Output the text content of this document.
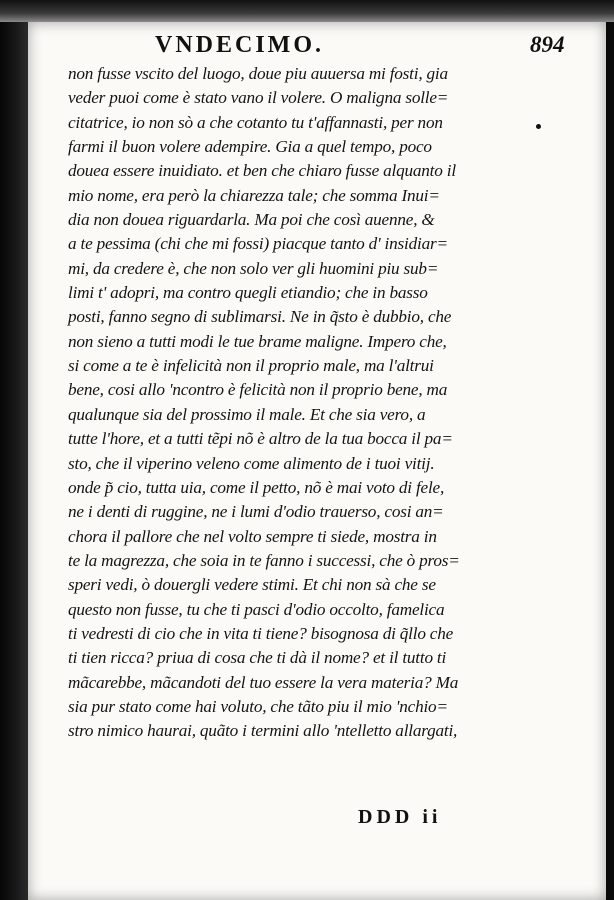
VNDECIMO.	894
non fusse vscito del luogo, doue piu auuersa mi fosti, gia
veder puoi come è stato vano il volere. O maligna solle=
citatrice, io non sò a che cotanto tu t'affannasti, per non
farmi il buon volere adempire. Gia a quel tempo, poco
douea essere inuidiato. et ben che chiaro fusse alquanto il
mio nome, era però la chiarezza tale; che somma Inui=
dia non douea riguardarla. Ma poi che così auenne, &
a te pessima (chi che mi fossi) piacque tanto d' insidiar=
mi, da credere è, che non solo ver gli huomini piu sub=
limi t' adopri, ma contro quegli etiandio; che in basso
posti, fanno segno di sublimarsi. Ne in q̃sto è dubbio, che
non sieno a tutti modi le tue brame maligne. Impero che,
si come a te è infelicità non il proprio male, ma l'altrui
bene, cosi allo 'ncontro è felicità non il proprio bene, ma
qualunque sia del prossimo il male. Et che sia vero, a
tutte l'hore, et a tutti tẽpi nõ è altro de la tua bocca il pa=
sto, che il viperino veleno come alimento de i tuoi vitij.
onde p̃ cio, tutta uia, come il petto, nõ è mai voto di fele,
ne i denti di ruggine, ne i lumi d'odio trauerso, cosi an=
chora il pallore che nel volto sempre ti siede, mostra in
te la magrezza, che soia in te fanno i successi, che ò pros=
speri vedi, ò douergli vedere stimi. Et chi non sà che se
questo non fusse, tu che ti pasci d'odio occolto, famelica
ti vedresti di cio che in vita ti tiene? bisognosa di q̃llo che
ti tien ricca? priua di cosa che ti dà il nome? et il tutto ti
mãcarebbe, mãcandoti del tuo essere la vera materia? Ma
sia pur stato come hai voluto, che tãto piu il mio 'nchio=
stro nimico haurai, quãto i termini allo 'ntelletto allargati,
DDD ii
